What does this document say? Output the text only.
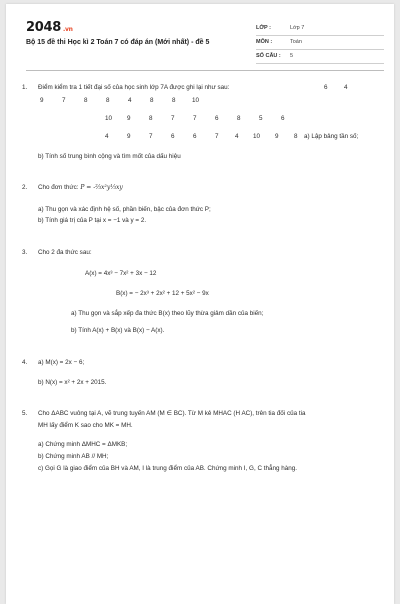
2048 .vn
Bộ 15 đề thi Học kì 2 Toán 7 có đáp án (Mới nhất) - đề 5
LỚP :	Lớp 7
MÔN :	Toán
SỐ CÂU : 5
1. Điểm kiểm tra 1 tiết đại số của học sinh lớp 7A được ghi lại như sau:	6	4
9	7	8	8	4	8	8	10
10 9	8	7	7	6	8	5	6
4	9	7	6	6	7	4 10 9 8 a) Lập bảng tần số;
b) Tính số trung bình cộng và tìm mốt của dấu hiệu
2. Cho đơn thức: P = -⅔x²y⅓xy
a) Thu gọn và xác định hệ số, phần biến, bậc của đơn thức P;
b) Tính giá trị của P tại x = −1 và y = 2.
3. Cho 2 đa thức sau:
A(x) = 4x³ − 7x² + 3x − 12
B(x) = − 2x³ + 2x² + 12 + 5x² − 9x
a) Thu gọn và sắp xếp đa thức B(x) theo lũy thừa giảm dần của biến;
b) Tính A(x) + B(x) và B(x) − A(x).
4. a) M(x) = 2x − 6;
b) N(x) = x² + 2x + 2015.
5. Cho ΔABC vuông tại A, vẽ trung tuyến AM (M ∈ BC). Từ M kẻ MHAC (H AC), trên tia đối của tia
MH lấy điểm K sao cho MK = MH.
a) Chứng minh ΔMHC = ΔMKB;
b) Chứng minh AB // MH;
c) Gọi G là giao điểm của BH và AM, I là trung điểm của AB. Chứng minh I, G, C thẳng hàng.
